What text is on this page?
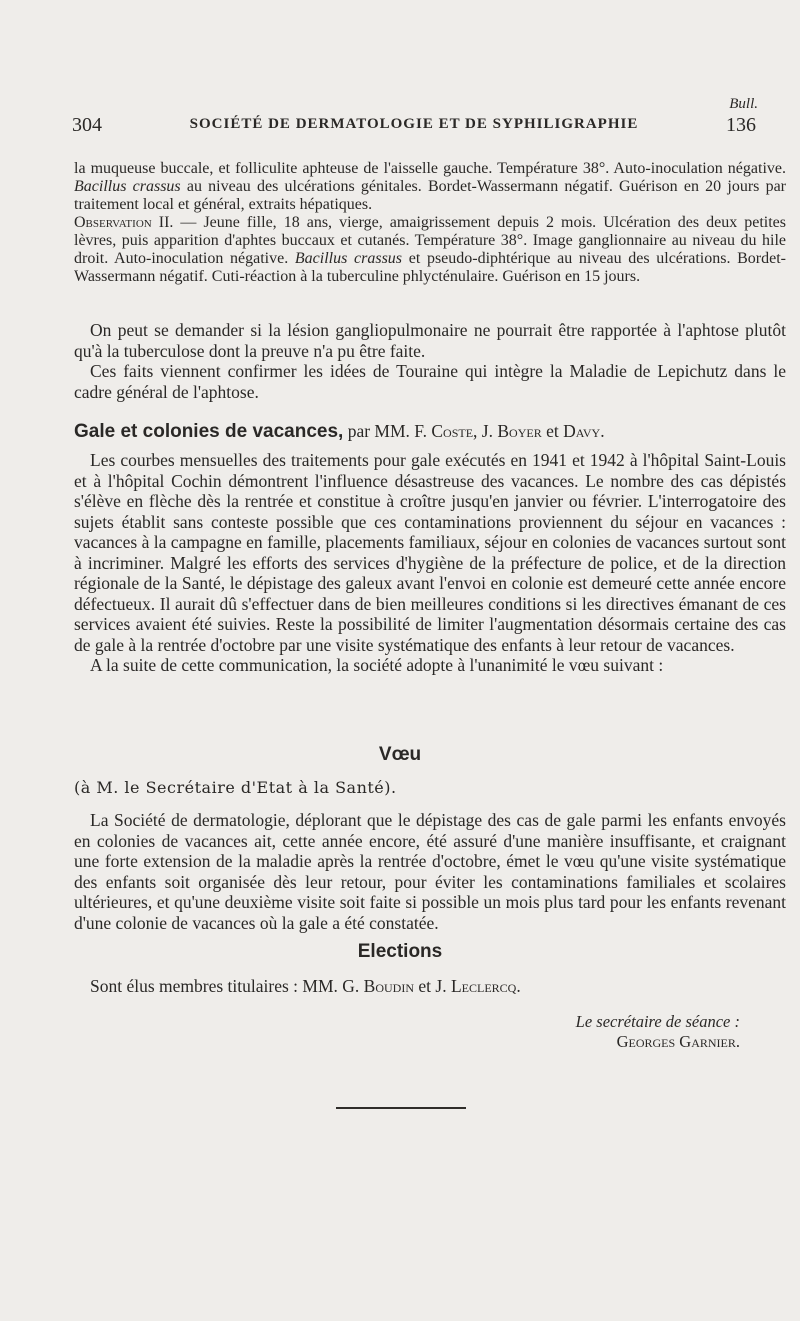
Bull.
304	SOCIÉTÉ DE DERMATOLOGIE ET DE SYPHILIGRAPHIE	136

la muqueuse buccale, et folliculite aphteuse de l'aisselle gauche. Température 38°. Auto-inoculation négative. Bacillus crassus au niveau des ulcérations génitales. Bordet-Wassermann négatif. Guérison en 20 jours par traitement local et général, extraits hépatiques.

Observation II. — Jeune fille, 18 ans, vierge, amaigrissement depuis 2 mois. Ulcération des deux petites lèvres, puis apparition d'aphtes buccaux et cutanés. Température 38°. Image ganglionnaire au niveau du hile droit. Auto-inoculation négative. Bacillus crassus et pseudo-diphtérique au niveau des ulcérations. Bordet-Wassermann négatif. Cuti-réaction à la tuberculine phlycténulaire. Guérison en 15 jours.

On peut se demander si la lésion gangliopulmonaire ne pourrait être rapportée à l'aphtose plutôt qu'à la tuberculose dont la preuve n'a pu être faite.

Ces faits viennent confirmer les idées de Touraine qui intègre la Maladie de Lepichutz dans le cadre général de l'aphtose.

Gale et colonies de vacances, par MM. F. Coste, J. Boyer et Davy.

Les courbes mensuelles des traitements pour gale exécutés en 1941 et 1942 à l'hôpital Saint-Louis et à l'hôpital Cochin démontrent l'influence désastreuse des vacances. Le nombre des cas dépistés s'élève en flèche dès la rentrée et constitue à croître jusqu'en janvier ou février. L'interrogatoire des sujets établit sans conteste possible que ces contaminations proviennent du séjour en vacances : vacances à la campagne en famille, placements familiaux, séjour en colonies de vacances surtout sont à incriminer. Malgré les efforts des services d'hygiène de la préfecture de police, et de la direction régionale de la Santé, le dépistage des galeux avant l'envoi en colonie est demeuré cette année encore défectueux. Il aurait dû s'effectuer dans de bien meilleures conditions si les directives émanant de ces services avaient été suivies. Reste la possibilité de limiter l'augmentation désormais certaine des cas de gale à la rentrée d'octobre par une visite systématique des enfants à leur retour de vacances.

A la suite de cette communication, la société adopte à l'unanimité le vœu suivant :

Vœu
(à M. le Secrétaire d'Etat à la Santé).

La Société de dermatologie, déplorant que le dépistage des cas de gale parmi les enfants envoyés en colonies de vacances ait, cette année encore, été assuré d'une manière insuffisante, et craignant une forte extension de la maladie après la rentrée d'octobre, émet le vœu qu'une visite systématique des enfants soit organisée dès leur retour, pour éviter les contaminations familiales et scolaires ultérieures, et qu'une deuxième visite soit faite si possible un mois plus tard pour les enfants revenant d'une colonie de vacances où la gale a été constatée.

Elections

Sont élus membres titulaires : MM. G. Boudin et J. Leclercq.

Le secrétaire de séance :
Georges Garnier.
